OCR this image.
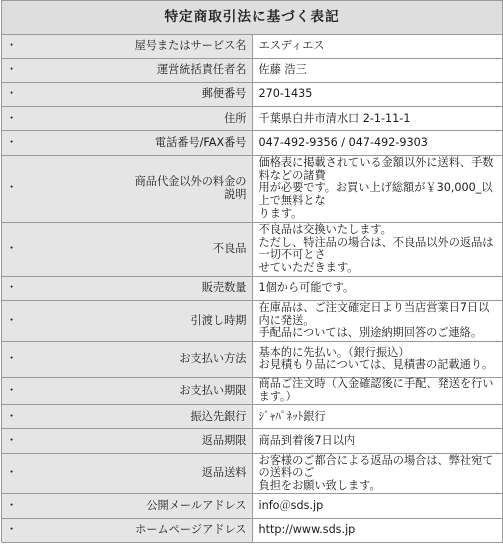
特定商取引法に基づく表記	

・ 屋号またはサービス名	エスディエス

・ 運営統括責任者名	佐藤 浩三

・ 郵便番号	270-1435

・ 住所	千葉県白井市清水口 2-1-11-1

・ 電話番号/FAX番号	047-492-9356 / 047-492-9303

・ 商品代金以外の料金の
説明	価格表に掲載されている金額以外に送料、手数料などの諸費
用が必要です。お買い上げ総額が￥30,000_以上で無料とな
ります。

・ 不良品	不良品は交換いたします。
ただし、特注品の場合は、不良品以外の返品は一切不可とさ
せていただきます。

・ 販売数量	1個から可能です。

・ 引渡し時期	在庫品は、ご注文確定日より当店営業日7日以内に発送。
手配品については、別途納期回答のご連絡。

・ お支払い方法	基本的に先払い。（銀行振込）
お見積もり品については、見積書の記載通り。

・ お支払い期限	商品ご注文時（入金確認後に手配、発送を行います。）

・ 振込先銀行	ｼﾞｬﾊﾟﾈｯﾄ銀行

・ 返品期限	商品到着後7日以内

・ 返品送料	お客様のご都合による返品の場合は、弊社宛ての送料のご
負担をお願い致します。

・ 公開メールアドレス	info＠sds.jp

・ ホームページアドレス	http://www.sds.jp
